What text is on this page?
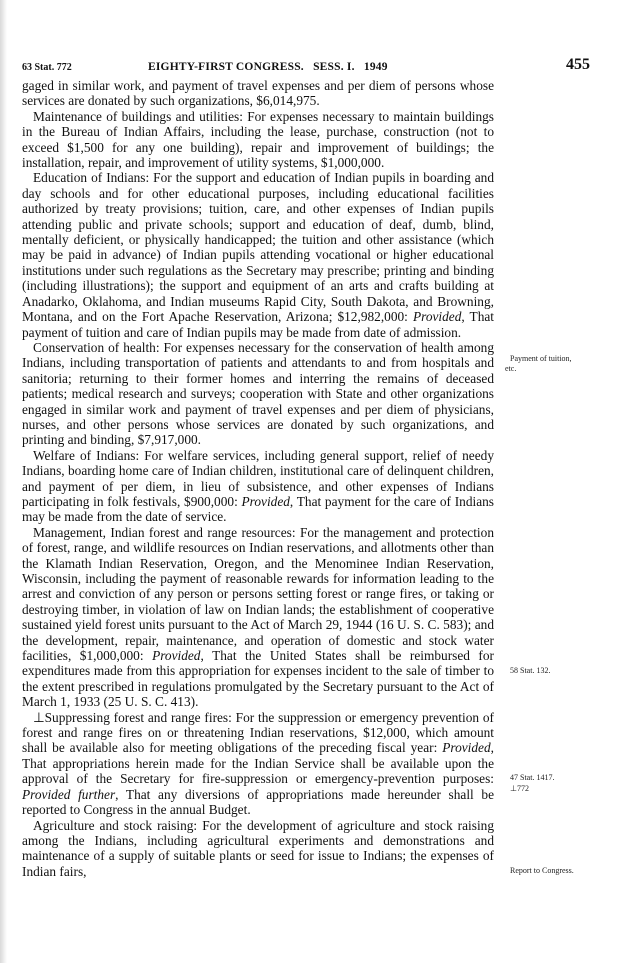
63 Stat. 772	EIGHTY-FIRST CONGRESS.   SESS. I.   1949	455

gaged in similar work, and payment of travel expenses and per diem of persons whose services are donated by such organizations, $6,014,975.

Maintenance of buildings and utilities: For expenses necessary to maintain buildings in the Bureau of Indian Affairs, including the lease, purchase, construction (not to exceed $1,500 for any one building), repair and improvement of buildings; the installation, repair, and improvement of utility systems, $1,000,000.

Education of Indians: For the support and education of Indian pupils in boarding and day schools and for other educational purposes, including educational facilities authorized by treaty provisions; tuition, care, and other expenses of Indian pupils attending public and private schools; support and education of deaf, dumb, blind, mentally deficient, or physically handicapped; the tuition and other assistance (which may be paid in advance) of Indian pupils attending vocational or higher educational institutions under such regulations as the Secretary may prescribe; printing and binding (including illustrations); the support and equipment of an arts and crafts building at Anadarko, Oklahoma, and Indian museums Rapid City, South Dakota, and Browning, Montana, and on the Fort Apache Reservation, Arizona; $12,982,000: Provided, That payment of tuition and care of Indian pupils may be made from date of admission.

Conservation of health: For expenses necessary for the conservation of health among Indians, including transportation of patients and attendants to and from hospitals and sanitoria; returning to their former homes and interring the remains of deceased patients; medical research and surveys; cooperation with State and other organizations engaged in similar work and payment of travel expenses and per diem of physicians, nurses, and other persons whose services are donated by such organizations, and printing and binding, $7,917,000.

Welfare of Indians: For welfare services, including general support, relief of needy Indians, boarding home care of Indian children, institutional care of delinquent children, and payment of per diem, in lieu of subsistence, and other expenses of Indians participating in folk festivals, $900,000: Provided, That payment for the care of Indians may be made from the date of service.

Management, Indian forest and range resources: For the management and protection of forest, range, and wildlife resources on Indian reservations, and allotments other than the Klamath Indian Reservation, Oregon, and the Menominee Indian Reservation, Wisconsin, including the payment of reasonable rewards for information leading to the arrest and conviction of any person or persons setting forest or range fires, or taking or destroying timber, in violation of law on Indian lands; the establishment of cooperative sustained yield forest units pursuant to the Act of March 29, 1944 (16 U. S. C. 583); and the development, repair, maintenance, and operation of domestic and stock water facilities, $1,000,000: Provided, That the United States shall be reimbursed for expenditures made from this appropriation for expenses incident to the sale of timber to the extent prescribed in regulations promulgated by the Secretary pursuant to the Act of March 1, 1933 (25 U. S. C. 413).

⊥Suppressing forest and range fires: For the suppression or emergency prevention of forest and range fires on or threatening Indian reservations, $12,000, which amount shall be available also for meeting obligations of the preceding fiscal year: Provided, That appropriations herein made for the Indian Service shall be available upon the approval of the Secretary for fire-suppression or emergency-prevention purposes: Provided further, That any diversions of appropriations made hereunder shall be reported to Congress in the annual Budget.

Agriculture and stock raising: For the development of agriculture and stock raising among the Indians, including agricultural experiments and demonstrations and maintenance of a supply of suitable plants or seed for issue to Indians; the expenses of Indian fairs,

Payment of tuition,
etc.
58 Stat. 132.
47 Stat. 1417.
⊥772
Report to Congress.
